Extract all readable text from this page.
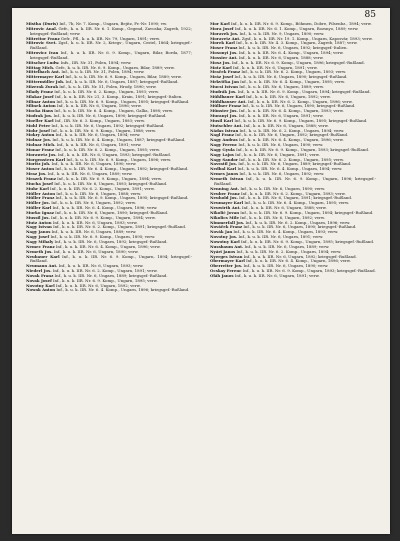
85

Mistha (Duris) Inf., 7b, Nr. 7. Komp., Ungarn, Bejitz, Fr.-Nr. 1090; vw.

Mitrovic Anal. Gefr., k. u. k. IIR. Nr. 6. 1. Komp., Gegend, Zavoska; Zagreb, 1922; kriegsgef.-Rußland; verw.

Mitreitor Franz Gefr., Pfl., k. u. k. IIR. Nr. 79, Ungarn, 1891; verw.

Mitrovic Svet. Zgsf., k. u. k. IIR. Nr. 2, Kriegs-, Ungarn, Cestel, 1864; kriegsgef.-Rußland.

Mitrovicz Ivan Inf., k. u. k. IIR. Nr. 6. 9. Komp., Ungarn, Bilar, Borda, 1877; kriegsgef.-Rußland.

Mitscher Ludw. Infs., IIR. Nr. 31, Polen, 1894; verw.

Mittag Mich. Gefr., k. u. k. IIR. Nr. 6. 9. Komp., Ungarn, Bilar, 1889; verw.

Mittelbach Ant. Inf., k. u. k. IIR. Nr. 31, Polen, 1894; verw.

Mittermayer Karl Inf., k. u. k. IIR. Nr. 6. 9. Komp., Ungarn, Bilar, 1889; verw.

Mittermüller Joh. Inf., k. u. k. IIR. Nr. 6, Ungarn, 1887; kriegsgef.-Rußland.

Mizerak Zurak Inf., k. u. k. IIR. Nr. 51, Polen, Hrody, 1890; verw.

Mlady Franz Inf., k. u. k. IIR. Nr. 6. 2. Komp., Ungarn, 1893; verw.

Mlakar Josef Inf., k. u. k. IIR. Nr. 21, 3. Komp., Krain, 1891; kriegsgef.-Italien.

Mlinar Anton Inf., k. u. k. IIR. Nr. 6. 9. Komp., Ungarn, 1895; kriegsgef.-Rußland.

Mlinek Anton Inf., k. u. k. IIR. Nr. 6, Ungarn, 1896; verw.

Mocka Hans Inf., k. u. k. IIR. Nr. 6. 4. Komp., Ungarn, Gallia, 1898; verw.

Modrak Jos. Inf., k. u. k. IIR. Nr. 6, Ungarn, 1890; kriegsgef.-Rußland.

Moeller Karl Inf., IIR. Nr. 6. 3. Komp., Ungarn, 1893; verw.

Mohl Peter Inf., k. u. k. IIR. Nr. 6, Ungarn, 1892; kriegsgef.-Rußland.

Mohr Josef Inf., k. u. k. IIR. Nr. 6. 9. Komp., Ungarn, 1888; verw.

Mokry Anton Inf., k. u. k. IIR. Nr. 6, Ungarn, 1894; verw.

Molnar Jos. Inf., k. u. k. IIR. Nr. 6. 4. Komp., Ungarn, 1887; kriegsgef.-Rußland.

Molnar Mich. Inf., k. u. k. IIR. Nr. 6, Ungarn, 1891; verw.

Monar Franz Inf., k. u. k. IIR. Nr. 6. 2. Komp., Ungarn, 1895; verw.

Morawetz Jos. Inf., k. u. k. IIR. Nr. 6, Ungarn, 1893; kriegsgef.-Rußland.

Morgenstern Karl Inf., k. u. k. IIR. Nr. 6. 9. Komp., Ungarn, 1896; verw.

Moritz Joh. Inf., k. u. k. IIR. Nr. 6, Ungarn, 1890; verw.

Moser Anton Inf., k. u. k. IIR. Nr. 6. 4. Komp., Ungarn, 1892; kriegsgef.-Rußland.

Mraz Jos. Inf., k. u. k. IIR. Nr. 6, Ungarn, 1889; verw.

Mrazek Franz Inf., k. u. k. IIR. Nr. 6. 9. Komp., Ungarn, 1894; verw.

Mucha Josef Inf., k. u. k. IIR. Nr. 6, Ungarn, 1893; kriegsgef.-Rußland.

Muhr Karl Inf., k. u. k. IIR. Nr. 6. 2. Komp., Ungarn, 1891; verw.

Müller Anton Inf., k. u. k. IIR. Nr. 6, Ungarn, 1888; verw.

Müller Franz Inf., k. u. k. IIR. Nr. 6. 9. Komp., Ungarn, 1895; kriegsgef.-Rußland.

Müller Jos. Inf., k. u. k. IIR. Nr. 6, Ungarn, 1892; verw.

Müller Karl Inf., k. u. k. IIR. Nr. 6. 4. Komp., Ungarn, 1896; verw.

Murko Ignaz Inf., k. u. k. IIR. Nr. 6, Ungarn, 1890; kriegsgef.-Rußland.

Mussil Jos. Inf., k. u. k. IIR. Nr. 6. 9. Komp., Ungarn, 1894; verw.

Mutz Anton Inf., k. u. k. IIR. Nr. 6, Ungarn, 1893; verw.

Nagy Istvan Inf., k. u. k. IIR. Nr. 6. 2. Komp., Ungarn, 1891; kriegsgef.-Rußland.

Nagy Janos Inf., k. u. k. IIR. Nr. 6, Ungarn, 1889; verw.

Nagy Josef Inf., k. u. k. IIR. Nr. 6. 9. Komp., Ungarn, 1895; verw.

Nagy Mihaly Inf., k. u. k. IIR. Nr. 6, Ungarn, 1892; kriegsgef.-Rußland.

Nemec Franz Inf., k. u. k. IIR. Nr. 6. 4. Komp., Ungarn, 1896; verw.

Nemeth Jos. Inf., k. u. k. IIR. Nr. 6, Ungarn, 1890; verw.

Neubauer Karl Inf., k. u. k. IIR. Nr. 6. 9. Komp., Ungarn, 1894; kriegsgef.-Rußland.

Neumann Ant. Inf., k. u. k. IIR. Nr. 6, Ungarn, 1893; verw.

Niederl Jos. Inf., k. u. k. IIR. Nr. 6. 2. Komp., Ungarn, 1891; verw.

Novak Franz Inf., k. u. k. IIR. Nr. 6, Ungarn, 1889; kriegsgef.-Rußland.

Novak Josef Inf., k. u. k. IIR. Nr. 6. 9. Komp., Ungarn, 1895; verw.

Novotny Karl Inf., k. u. k. IIR. Nr. 6, Ungarn, 1892; verw.

Nowak Anton Inf., k. u. k. IIR. Nr. 6. 4. Komp., Ungarn, 1896; kriegsgef.-Rußland.

Mor Karl Inf., k. u. k. IIR. Nr. 6. 9. Komp., Böhmen, Dobre, Pilsenbz., 1894; verw.

Mora Josef Inf., k. u. k. IIR. Nr. 6. 1. Komp., Ungarn, Rozsnyo, 1889; verw.

Moravek Jos. Inf., k. u. k. IIR. Nr. 9, Ungarn, 1890; verw.

Moravetz Ant. Zgsf., k. u. k. IIR. Nr. 19. 1. Komp., Ungarn, Kaposvár, 1893; verw.

Morek Karl Inf., k. u. k. IIR. Nr. 4. 3. Komp., Ungarn, Zagreb, 1887; verw.

Moser Franz Inf., k. u. k. IIR. Nr. 6, Ungarn, 1892; kriegsgef.-Italien.

Mosonyi Jos. Inf., k. u. k. IIR. Nr. 6. 4. Komp., Ungarn, 1894; verw.

Mossier Ant. Inf., k. u. k. IIR. Nr. 6, Ungarn, 1888; verw.

Mosz Jos. Inf., k. u. k. IIR. Nr. 6. 9. Komp., Ungarn, 1896; kriegsgef.-Rußland.

Motz Karl Inf., k. u. k. IIR. Nr. 6, Ungarn, 1891; verw.

Mraček Franz Inf., k. u. k. IIR. Nr. 6. 2. Komp., Ungarn, 1893; verw.

Mráz Josef Inf., k. u. k. IIR. Nr. 6, Ungarn, 1890; kriegsgef.-Rußland.

Mrkvička Jan Inf., k. u. k. IIR. Nr. 6. 4. Komp., Ungarn, 1895; verw.

Mucsi Istvan Inf., k. u. k. IIR. Nr. 6, Ungarn, 1889; verw.

Mudrák Jos. Inf., k. u. k. IIR. Nr. 6. 9. Komp., Ungarn, 1894; kriegsgef.-Rußland.

Mühlbauer Karl Inf., k. u. k. IIR. Nr. 6, Ungarn, 1892; verw.

Mühlhauser Ant. Inf., k. u. k. IIR. Nr. 6. 2. Komp., Ungarn, 1896; verw.

Müllner Franz Inf., k. u. k. IIR. Nr. 6, Ungarn, 1890; kriegsgef.-Rußland.

Münster Jos. Inf., k. u. k. IIR. Nr. 6. 4. Komp., Ungarn, 1893; verw.

Muranyi Jos. Inf., k. u. k. IIR. Nr. 6, Ungarn, 1891; verw.

Musil Karl Inf., k. u. k. IIR. Nr. 6. 9. Komp., Ungarn, 1895; kriegsgef.-Rußland.

Mutschler Ant. Inf., k. u. k. IIR. Nr. 6, Ungarn, 1888; verw.

Nádas Istvan Inf., k. u. k. IIR. Nr. 6. 2. Komp., Ungarn, 1894; verw.

Nagl Franz Inf., k. u. k. IIR. Nr. 6, Ungarn, 1892; kriegsgef.-Rußland.

Nagy Andras Inf., k. u. k. IIR. Nr. 6. 4. Komp., Ungarn, 1896; verw.

Nagy Ferenc Inf., k. u. k. IIR. Nr. 6, Ungarn, 1890; verw.

Nagy Gyula Inf., k. u. k. IIR. Nr. 6. 9. Komp., Ungarn, 1893; kriegsgef.-Rußland.

Nagy Lajos Inf., k. u. k. IIR. Nr. 6, Ungarn, 1891; verw.

Nagy Sandor Inf., k. u. k. IIR. Nr. 6. 2. Komp., Ungarn, 1895; verw.

Navratil Jos. Inf., k. u. k. IIR. Nr. 6, Ungarn, 1889; kriegsgef.-Rußland.

Nedbal Karl Inf., k. u. k. IIR. Nr. 6. 4. Komp., Ungarn, 1894; verw.

Nemes Janos Inf., k. u. k. IIR. Nr. 6, Ungarn, 1892; verw.

Nemeth Istvan Inf., k. u. k. IIR. Nr. 6. 9. Komp., Ungarn, 1896; kriegsgef.-Rußland.

Nenning Ant. Inf., k. u. k. IIR. Nr. 6, Ungarn, 1890; verw.

Neuber Franz Inf., k. u. k. IIR. Nr. 6. 2. Komp., Ungarn, 1893; verw.

Neuhold Jos. Inf., k. u. k. IIR. Nr. 6, Ungarn, 1891; kriegsgef.-Rußland.

Neumayer Karl Inf., k. u. k. IIR. Nr. 6. 4. Komp., Ungarn, 1895; verw.

Neuwirth Ant. Inf., k. u. k. IIR. Nr. 6, Ungarn, 1888; verw.

Nikolić Jovan Inf., k. u. k. IIR. Nr. 6. 9. Komp., Ungarn, 1894; kriegsgef.-Rußland.

Nikolics Mile Inf., k. u. k. IIR. Nr. 6, Ungarn, 1892; verw.

Nimmerfall Jos. Inf., k. u. k. IIR. Nr. 6. 2. Komp., Ungarn, 1896; verw.

Nováček Franz Inf., k. u. k. IIR. Nr. 6, Ungarn, 1890; kriegsgef.-Rußland.

Novák Jan Inf., k. u. k. IIR. Nr. 6. 4. Komp., Ungarn, 1893; verw.

Novotny Jos. Inf., k. u. k. IIR. Nr. 6, Ungarn, 1891; verw.

Nowotny Karl Inf., k. u. k. IIR. Nr. 6. 9. Komp., Ungarn, 1895; kriegsgef.-Rußland.

Nussbaum Ant. Inf., k. u. k. IIR. Nr. 6, Ungarn, 1889; verw.

Nyári Janos Inf., k. u. k. IIR. Nr. 6. 2. Komp., Ungarn, 1894; verw.

Nyerges Istvan Inf., k. u. k. IIR. Nr. 6, Ungarn, 1892; kriegsgef.-Rußland.

Obermayer Karl Inf., k. u. k. IIR. Nr. 6. 4. Komp., Ungarn, 1896; verw.

Oberreiter Jos. Inf., k. u. k. IIR. Nr. 6, Ungarn, 1890; verw.

Ocskay Ferenc Inf., k. u. k. IIR. Nr. 6. 9. Komp., Ungarn, 1893; kriegsgef.-Rußland.

Oláh Janos Inf., k. u. k. IIR. Nr. 6, Ungarn, 1891; verw.
